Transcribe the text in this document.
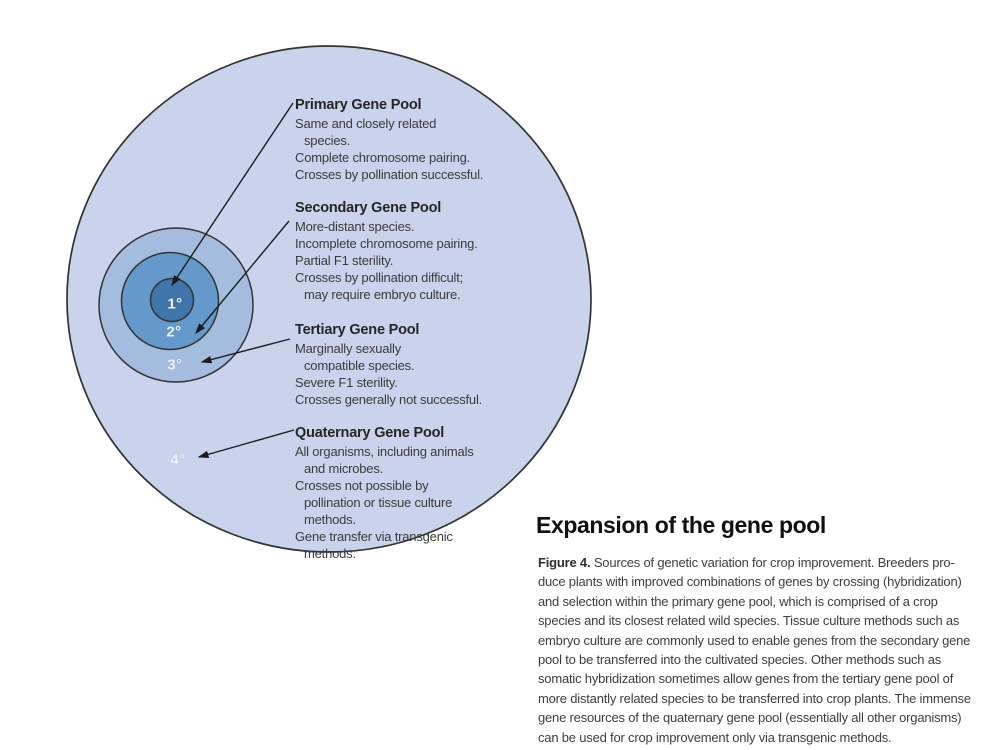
1°
2°
3°
4°
Primary Gene Pool
Same and closely related
species.
Complete chromosome pairing.
Crosses by pollination successful.
Secondary Gene Pool
More-distant species.
Incomplete chromosome pairing.
Partial F1 sterility.
Crosses by pollination difficult;
may require embryo culture.
Tertiary Gene Pool
Marginally sexually
compatible species.
Severe F1 sterility.
Crosses generally not successful.
Quaternary Gene Pool
All organisms, including animals
and microbes.
Crosses not possible by
pollination or tissue culture
methods.
Gene transfer via transgenic
methods.
Expansion of the gene pool
Figure 4. Sources of genetic variation for crop improvement. Breeders pro-
duce plants with improved combinations of genes by crossing (hybridization)
and selection within the primary gene pool, which is comprised of a crop
species and its closest related wild species. Tissue culture methods such as
embryo culture are commonly used to enable genes from the secondary gene
pool to be transferred into the cultivated species. Other methods such as
somatic hybridization sometimes allow genes from the tertiary gene pool of
more distantly related species to be transferred into crop plants. The immense
gene resources of the quaternary gene pool (essentially all other organisms)
can be used for crop improvement only via transgenic methods.
